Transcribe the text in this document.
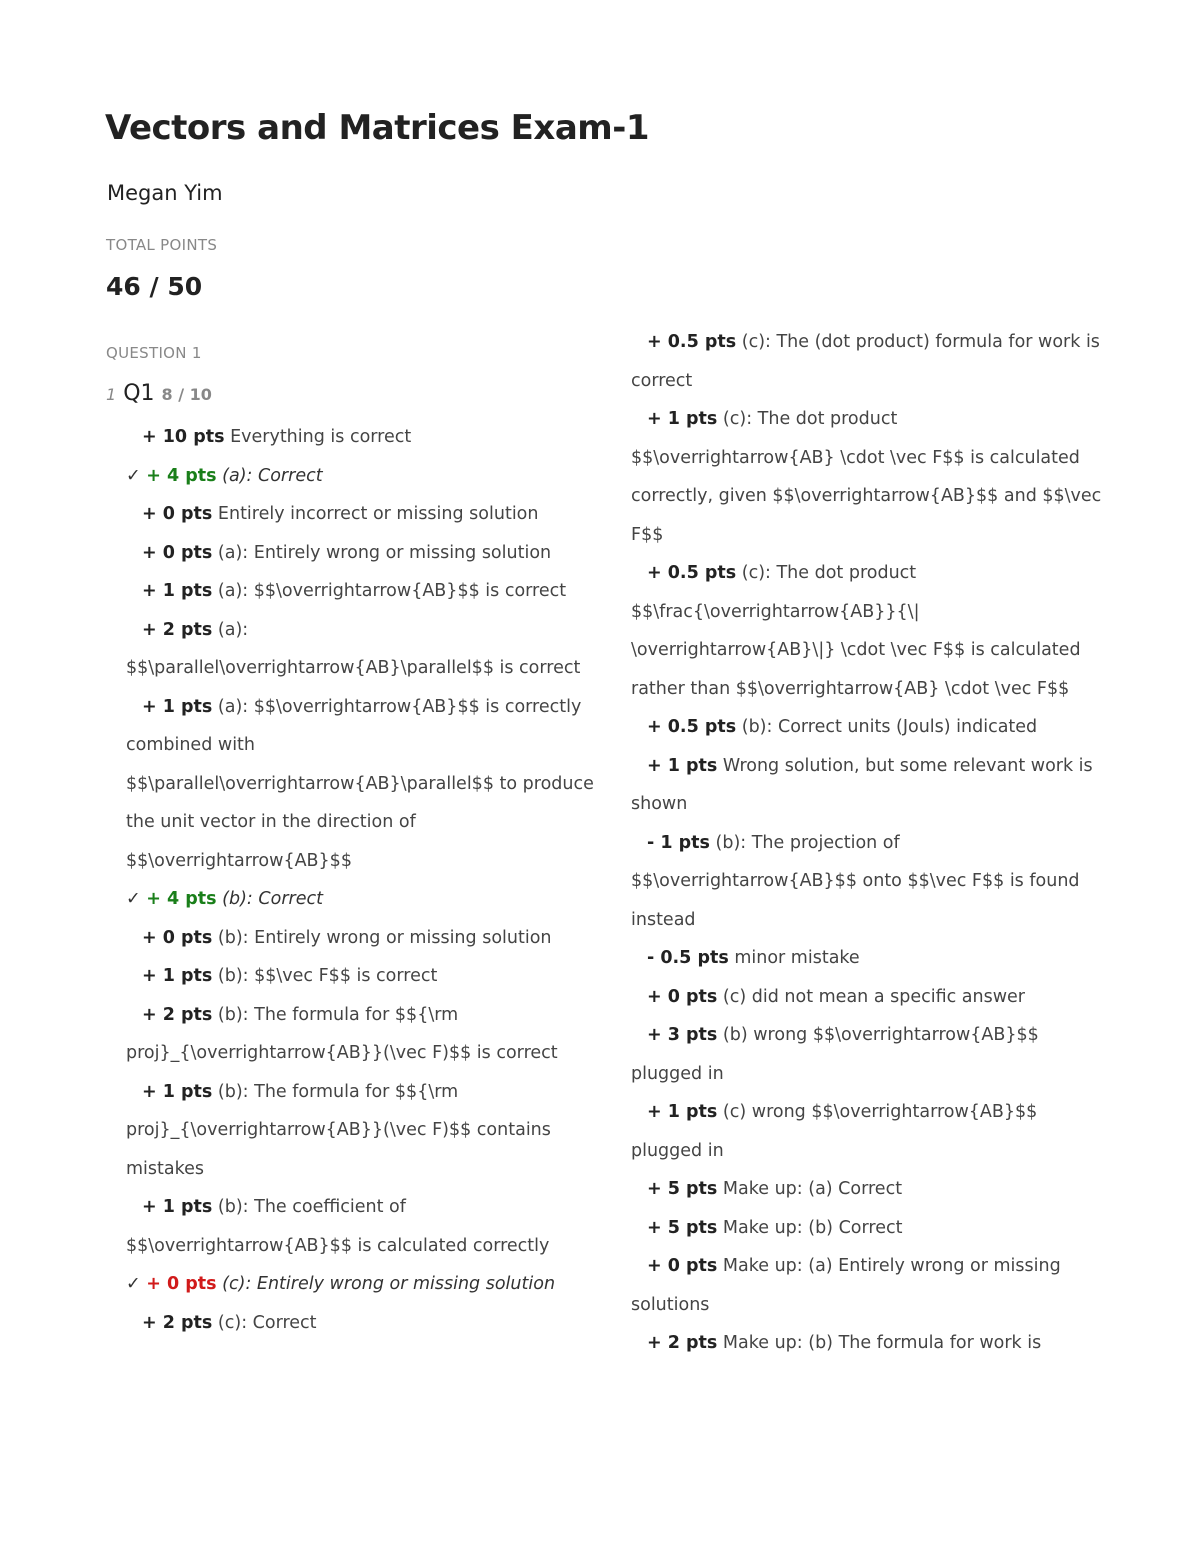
Vectors and Matrices Exam-1
Megan Yim
TOTAL POINTS
46 / 50
QUESTION 1
1 Q1 8 / 10
+ 10 pts Everything is correct
✓ + 4 pts (a): Correct
+ 0 pts Entirely incorrect or missing solution
+ 0 pts (a): Entirely wrong or missing solution
+ 1 pts (a): $$\overrightarrow{AB}$$ is correct
+ 2 pts (a): $$\parallel\overrightarrow{AB}\parallel$$ is correct
+ 1 pts (a): $$\overrightarrow{AB}$$ is correctly combined with $$\parallel\overrightarrow{AB}\parallel$$ to produce the unit vector in the direction of $$\overrightarrow{AB}$$
✓ + 4 pts (b): Correct
+ 0 pts (b): Entirely wrong or missing solution
+ 1 pts (b): $$\vec F$$ is correct
+ 2 pts (b): The formula for $${\rm proj}_{\overrightarrow{AB}}(\vec F)$$ is correct
+ 1 pts (b): The formula for $${\rm proj}_{\overrightarrow{AB}}(\vec F)$$ contains mistakes
+ 1 pts (b): The coefficient of $$\overrightarrow{AB}$$ is calculated correctly
✓ + 0 pts (c): Entirely wrong or missing solution
+ 2 pts (c): Correct
+ 0.5 pts (c): The (dot product) formula for work is correct
+ 1 pts (c): The dot product $$\overrightarrow{AB} \cdot \vec F$$ is calculated correctly, given $$\overrightarrow{AB}$$ and $$\vec F$$
+ 0.5 pts (c): The dot product $$\frac{\overrightarrow{AB}}{\| \overrightarrow{AB}\|} \cdot \vec F$$ is calculated rather than $$\overrightarrow{AB} \cdot \vec F$$
+ 0.5 pts (b): Correct units (Jouls) indicated
+ 1 pts Wrong solution, but some relevant work is shown
- 1 pts (b): The projection of $$\overrightarrow{AB}$$ onto $$\vec F$$ is found instead
- 0.5 pts minor mistake
+ 0 pts (c) did not mean a specific answer
+ 3 pts (b) wrong $$\overrightarrow{AB}$$ plugged in
+ 1 pts (c) wrong $$\overrightarrow{AB}$$ plugged in
+ 5 pts Make up: (a) Correct
+ 5 pts Make up: (b) Correct
+ 0 pts Make up: (a) Entirely wrong or missing solutions
+ 2 pts Make up: (b) The formula for work is
